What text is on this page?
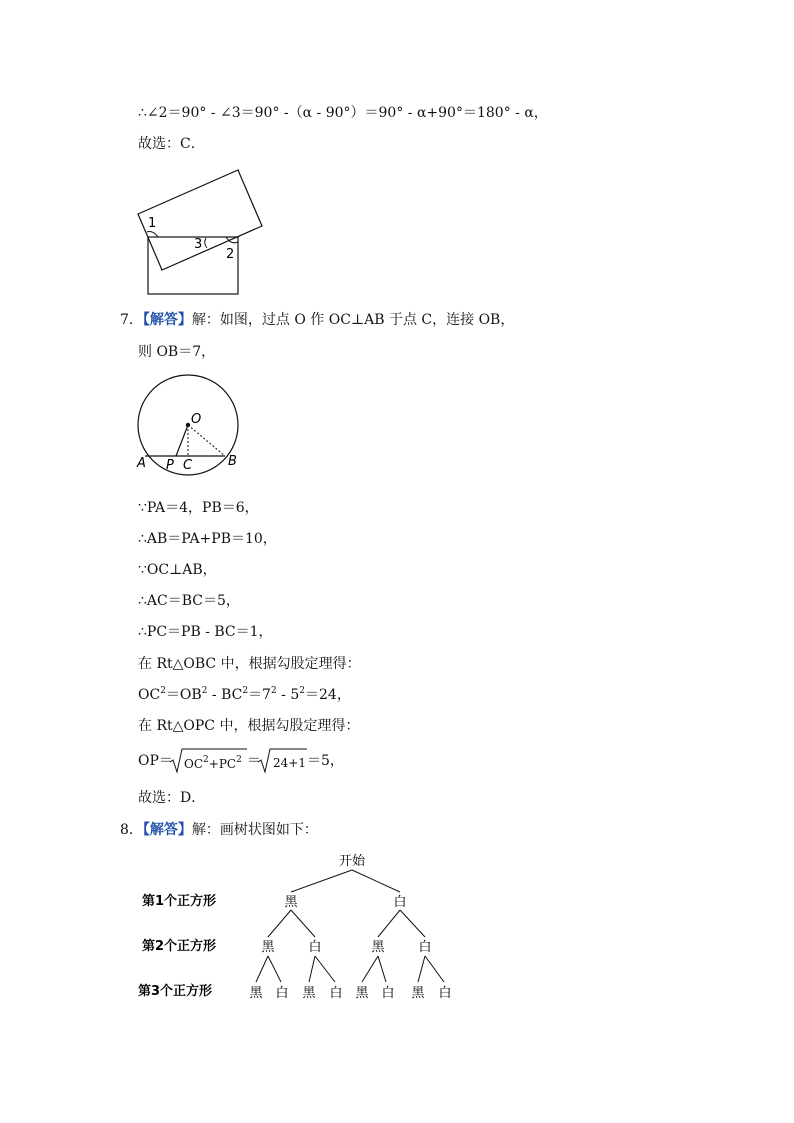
∴∠2＝90° - ∠3＝90° -（α - 90°）＝90° - α+90°＝180° - α，
故选：C．
1
3
2
7．【解答】解：如图，过点 O 作 OC⊥AB 于点 C，连接 OB，
则 OB＝7，
O
A P C	B
∵PA＝4，PB＝6，
∴AB＝PA+PB＝10，
∵OC⊥AB，
∴AC＝BC＝5，
∴PC＝PB - BC＝1，
在 Rt△OBC 中，根据勾股定理得：
$OC^2=OB^2 - BC^2=7^2 - 5^2=24$，
在 Rt△OPC 中，根据勾股定理得：
$OP= OC^2+PC^2 = 24+1 =5$，
故选：D．
8．【解答】解：画树状图如下：
开始
黑	白
黑	白	黑	白
黑 白 黑 白 黑 白 黑 白
第1个正方形
第2个正方形
第3个正方形
